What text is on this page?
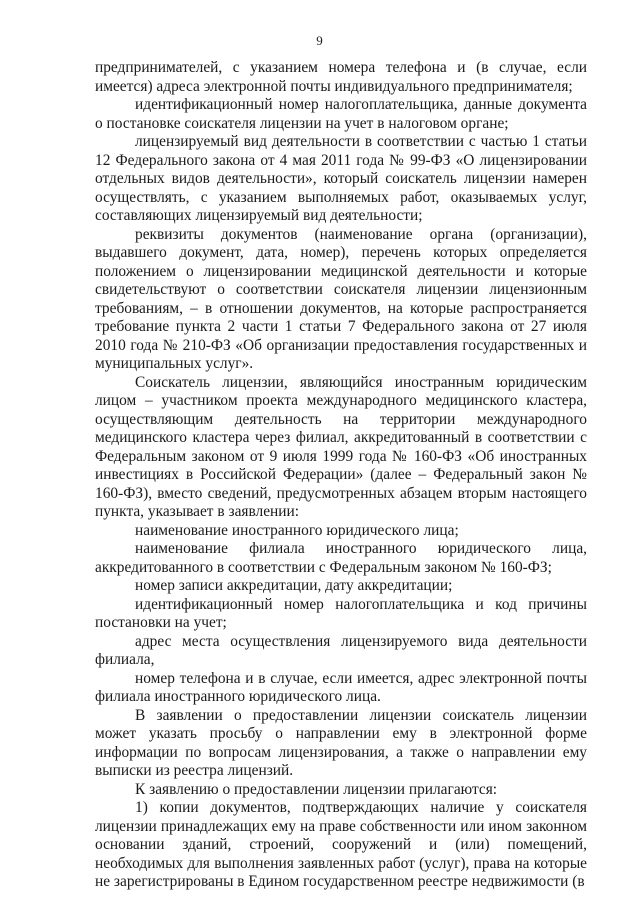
9

предпринимателей, с указанием номера телефона и (в случае, если имеется) адреса электронной почты индивидуального предпринимателя;

идентификационный номер налогоплательщика, данные документа о постановке соискателя лицензии на учет в налоговом органе;

лицензируемый вид деятельности в соответствии с частью 1 статьи 12 Федерального закона от 4 мая 2011 года № 99-ФЗ «О лицензировании отдельных видов деятельности», который соискатель лицензии намерен осуществлять, с указанием выполняемых работ, оказываемых услуг, составляющих лицензируемый вид деятельности;

реквизиты документов (наименование органа (организации), выдавшего документ, дата, номер), перечень которых определяется положением о лицензировании медицинской деятельности и которые свидетельствуют о соответствии соискателя лицензии лицензионным требованиям, – в отношении документов, на которые распространяется требование пункта 2 части 1 статьи 7 Федерального закона от 27 июля 2010 года № 210-ФЗ «Об организации предоставления государственных и муниципальных услуг».

Соискатель лицензии, являющийся иностранным юридическим лицом – участником проекта международного медицинского кластера, осуществляющим деятельность на территории международного медицинского кластера через филиал, аккредитованный в соответствии с Федеральным законом от 9 июля 1999 года № 160-ФЗ «Об иностранных инвестициях в Российской Федерации» (далее – Федеральный закон № 160-ФЗ), вместо сведений, предусмотренных абзацем вторым настоящего пункта, указывает в заявлении:

наименование иностранного юридического лица;

наименование филиала иностранного юридического лица, аккредитованного в соответствии с Федеральным законом № 160-ФЗ;

номер записи аккредитации, дату аккредитации;

идентификационный номер налогоплательщика и код причины постановки на учет;

адрес места осуществления лицензируемого вида деятельности филиала,

номер телефона и в случае, если имеется, адрес электронной почты филиала иностранного юридического лица.

В заявлении о предоставлении лицензии соискатель лицензии может указать просьбу о направлении ему в электронной форме информации по вопросам лицензирования, а также о направлении ему выписки из реестра лицензий.

К заявлению о предоставлении лицензии прилагаются:

1) копии документов, подтверждающих наличие у соискателя лицензии принадлежащих ему на праве собственности или ином законном основании зданий, строений, сооружений и (или) помещений, необходимых для выполнения заявленных работ (услуг), права на которые не зарегистрированы в Едином государственном реестре недвижимости (в
